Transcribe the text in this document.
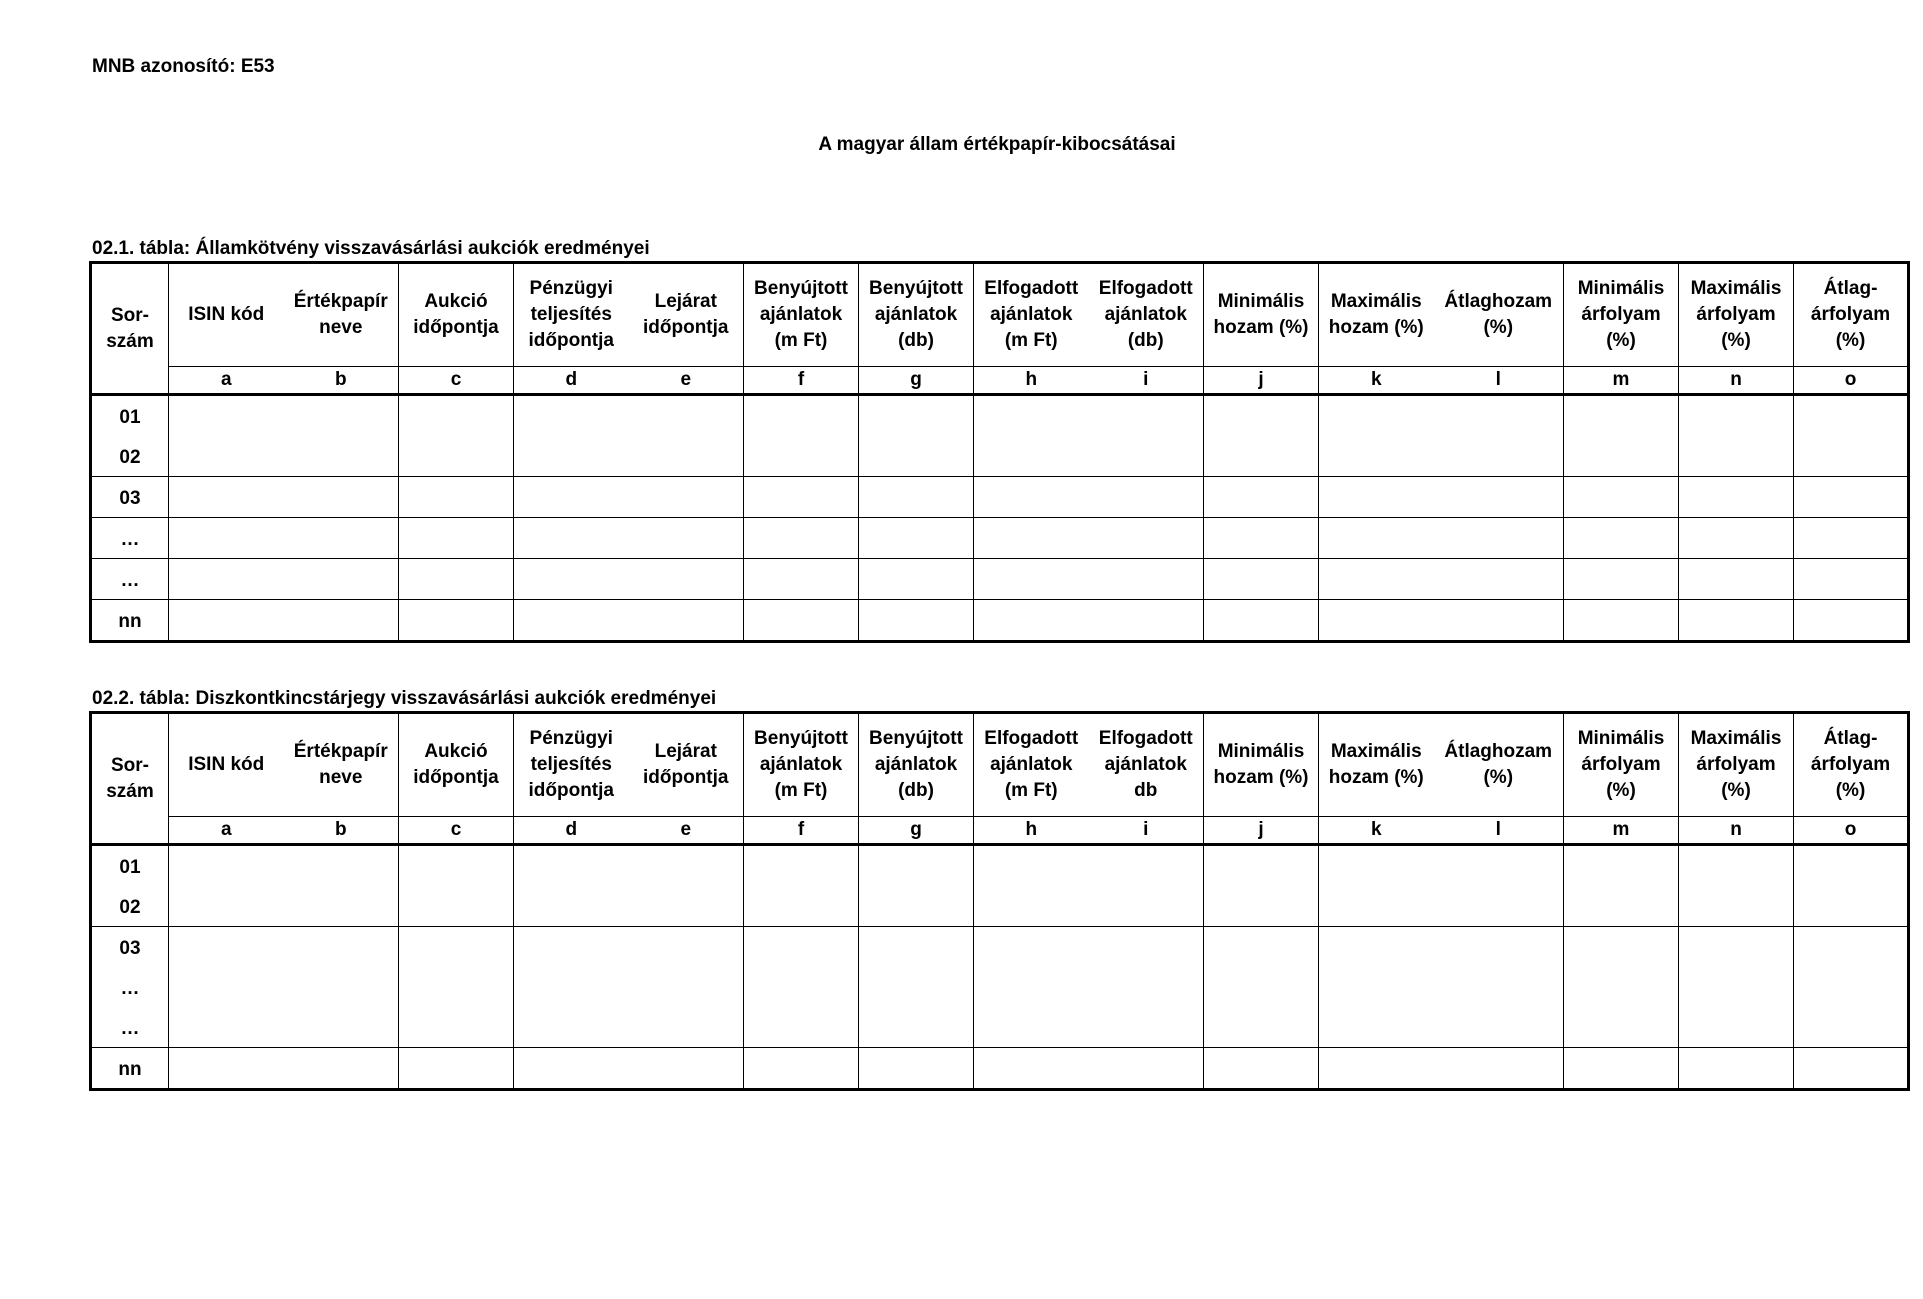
MNB azonosító: E53
A magyar állam értékpapír-kibocsátásai
02.1. tábla: Államkötvény visszavásárlási aukciók eredményei
Sor-
szám	ISIN kód	Értékpapír
neve	Aukció
időpontja	Pénzügyi
teljesítés
időpontja	Lejárat
időpontja	Benyújtott
ajánlatok
(m Ft)	Benyújtott
ajánlatok
(db)	Elfogadott
ajánlatok
(m Ft)	Elfogadott
ajánlatok
(db)	Minimális
hozam (%)	Maximális
hozam (%)	Átlaghozam
(%)	Minimális
árfolyam
(%)	Maximális
árfolyam
(%)	Átlag-
árfolyam
(%)
	a	b	c	d	e	f	g	h	i	j	k	l	m	n	o

01
02															

03															

…															

…															

nn															

02.2. tábla: Diszkontkincstárjegy visszavásárlási aukciók eredményei
Sor-
szám	ISIN kód	Értékpapír
neve	Aukció
időpontja	Pénzügyi
teljesítés
időpontja	Lejárat
időpontja	Benyújtott
ajánlatok
(m Ft)	Benyújtott
ajánlatok
(db)	Elfogadott
ajánlatok
(m Ft)	Elfogadott
ajánlatok
db	Minimális
hozam (%)	Maximális
hozam (%)	Átlaghozam
(%)	Minimális
árfolyam
(%)	Maximális
árfolyam
(%)	Átlag-
árfolyam
(%)
	a	b	c	d	e	f	g	h	i	j	k	l	m	n	o

01
02															

03
…
…															

nn															
